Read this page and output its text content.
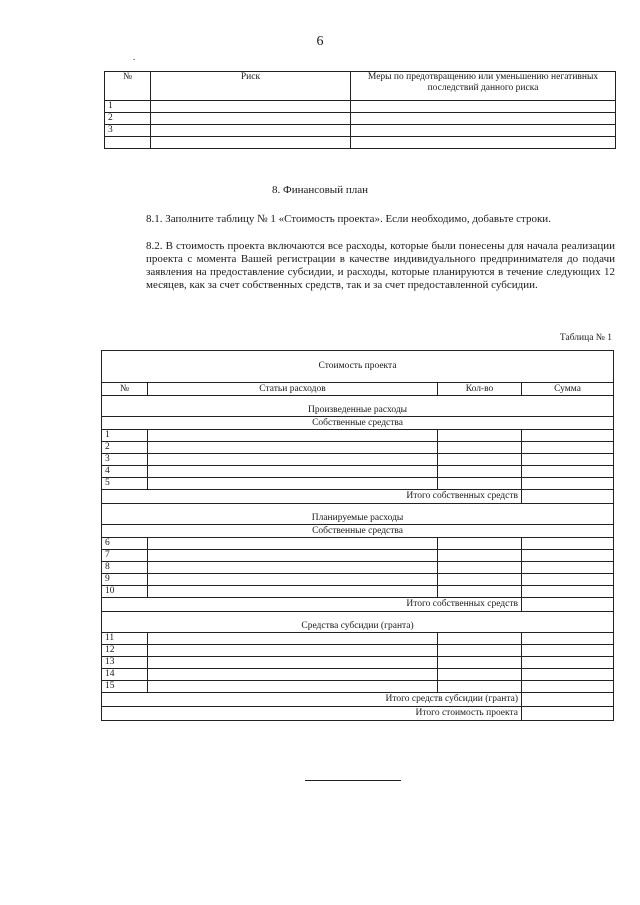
6
.
№	Риск	Меры по предотвращению или уменьшению негативных последствий данного риска
1		
2		
3		

8. Финансовый план
8.1. Заполните таблицу № 1 «Стоимость проекта». Если необходимо, добавьте строки.
8.2. В стоимость проекта включаются все расходы, которые были понесены для начала реализации проекта с момента Вашей регистрации в качестве индивидуального предпринимателя до подачи заявления на предоставление субсидии, и расходы, которые планируются в течение следующих 12 месяцев, как за счет собственных средств, так и за счет предоставленной субсидии.
Таблица № 1
Стоимость проекта			
№	Статьи расходов	Кол-во	Сумма
Произведенные расходы			
Собственные средства			
1			
2			
3			
4			
5			
Итого собственных средств			
Планируемые расходы			
Собственные средства			
6			
7			
8			
9			
10			
Итого собственных средств			
Средства субсидии (гранта)			
11			
12			
13			
14			
15			
Итого средств субсидии (гранта)			
Итого стоимость проекта			
